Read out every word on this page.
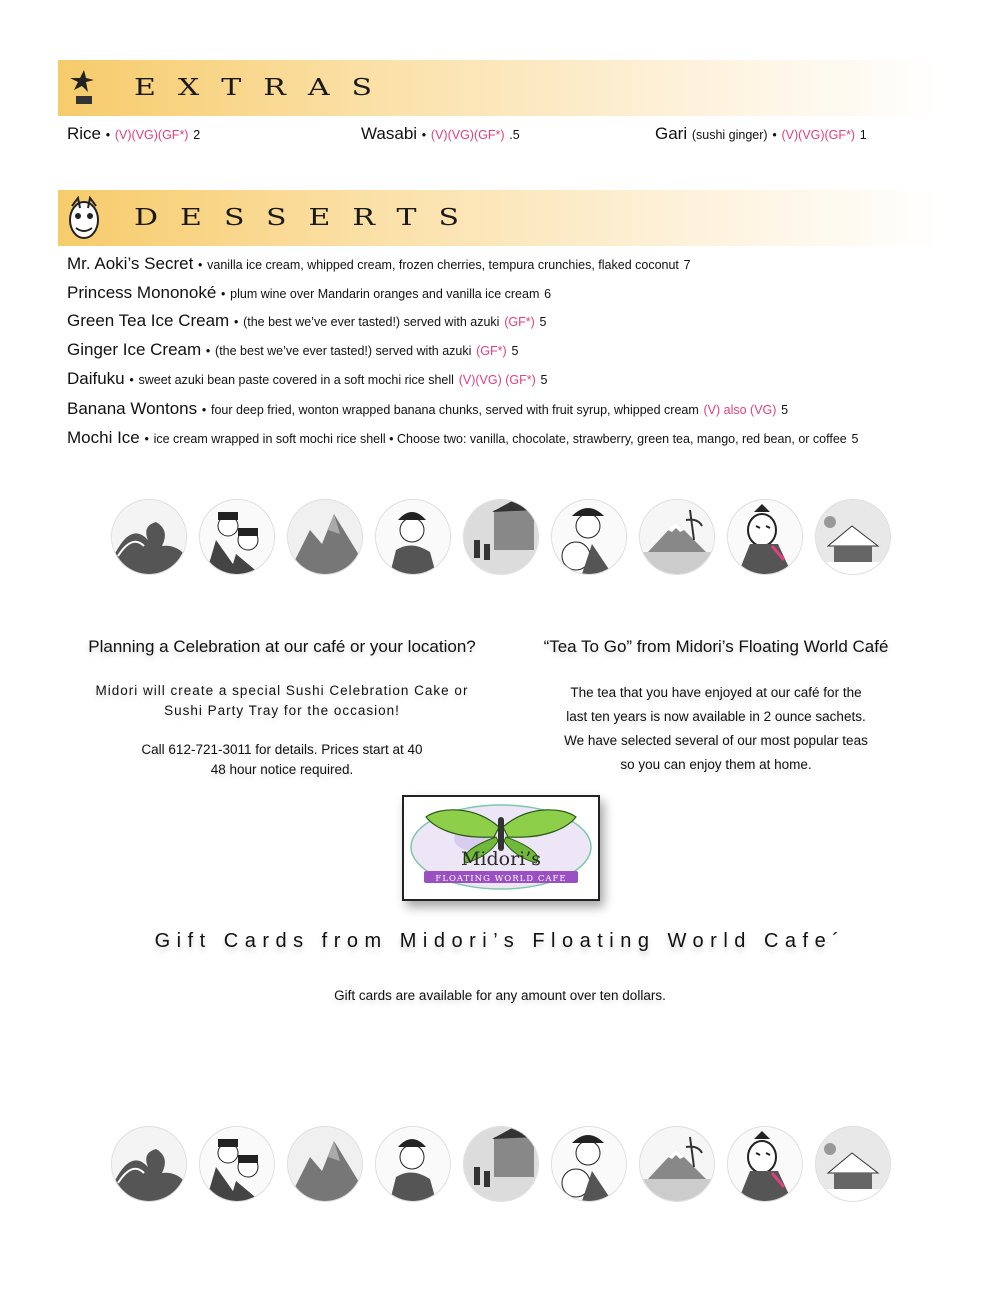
EXTRAS
Rice • (V)(VG)(GF*) 2	Wasabi • (V)(VG)(GF*) .5	Gari (sushi ginger) • (V)(VG)(GF*) 1
DESSERTS
Mr. Aoki’s Secret • vanilla ice cream, whipped cream, frozen cherries, tempura crunchies, flaked coconut 7
Princess Mononoké • plum wine over Mandarin oranges and vanilla ice cream 6
Green Tea Ice Cream • (the best we’ve ever tasted!) served with azuki (GF*) 5
Ginger Ice Cream • (the best we’ve ever tasted!) served with azuki (GF*) 5
Daifuku • sweet azuki bean paste covered in a soft mochi rice shell (V)(VG) (GF*) 5
Banana Wontons • four deep fried, wonton wrapped banana chunks, served with fruit syrup, whipped cream (V) also (VG) 5
Mochi Ice • ice cream wrapped in soft mochi rice shell • Choose two: vanilla, chocolate, strawberry, green tea, mango, red bean, or coffee 5
Planning a Celebration at our café or your location?
Midori will create a special Sushi Celebration Cake or
Sushi Party Tray for the occasion!
Call 612-721-3011 for details. Prices start at 40
48 hour notice required.
“Tea To Go” from Midori’s Floating World Café
The tea that you have enjoyed at our café for the
last ten years is now available in 2 ounce sachets.
We have selected several of our most popular teas
so you can enjoy them at home.
Midori’s
FLOATING WORLD CAFE
Gift Cards from Midori’s Floating World Cafe´
Gift cards are available for any amount over ten dollars.
